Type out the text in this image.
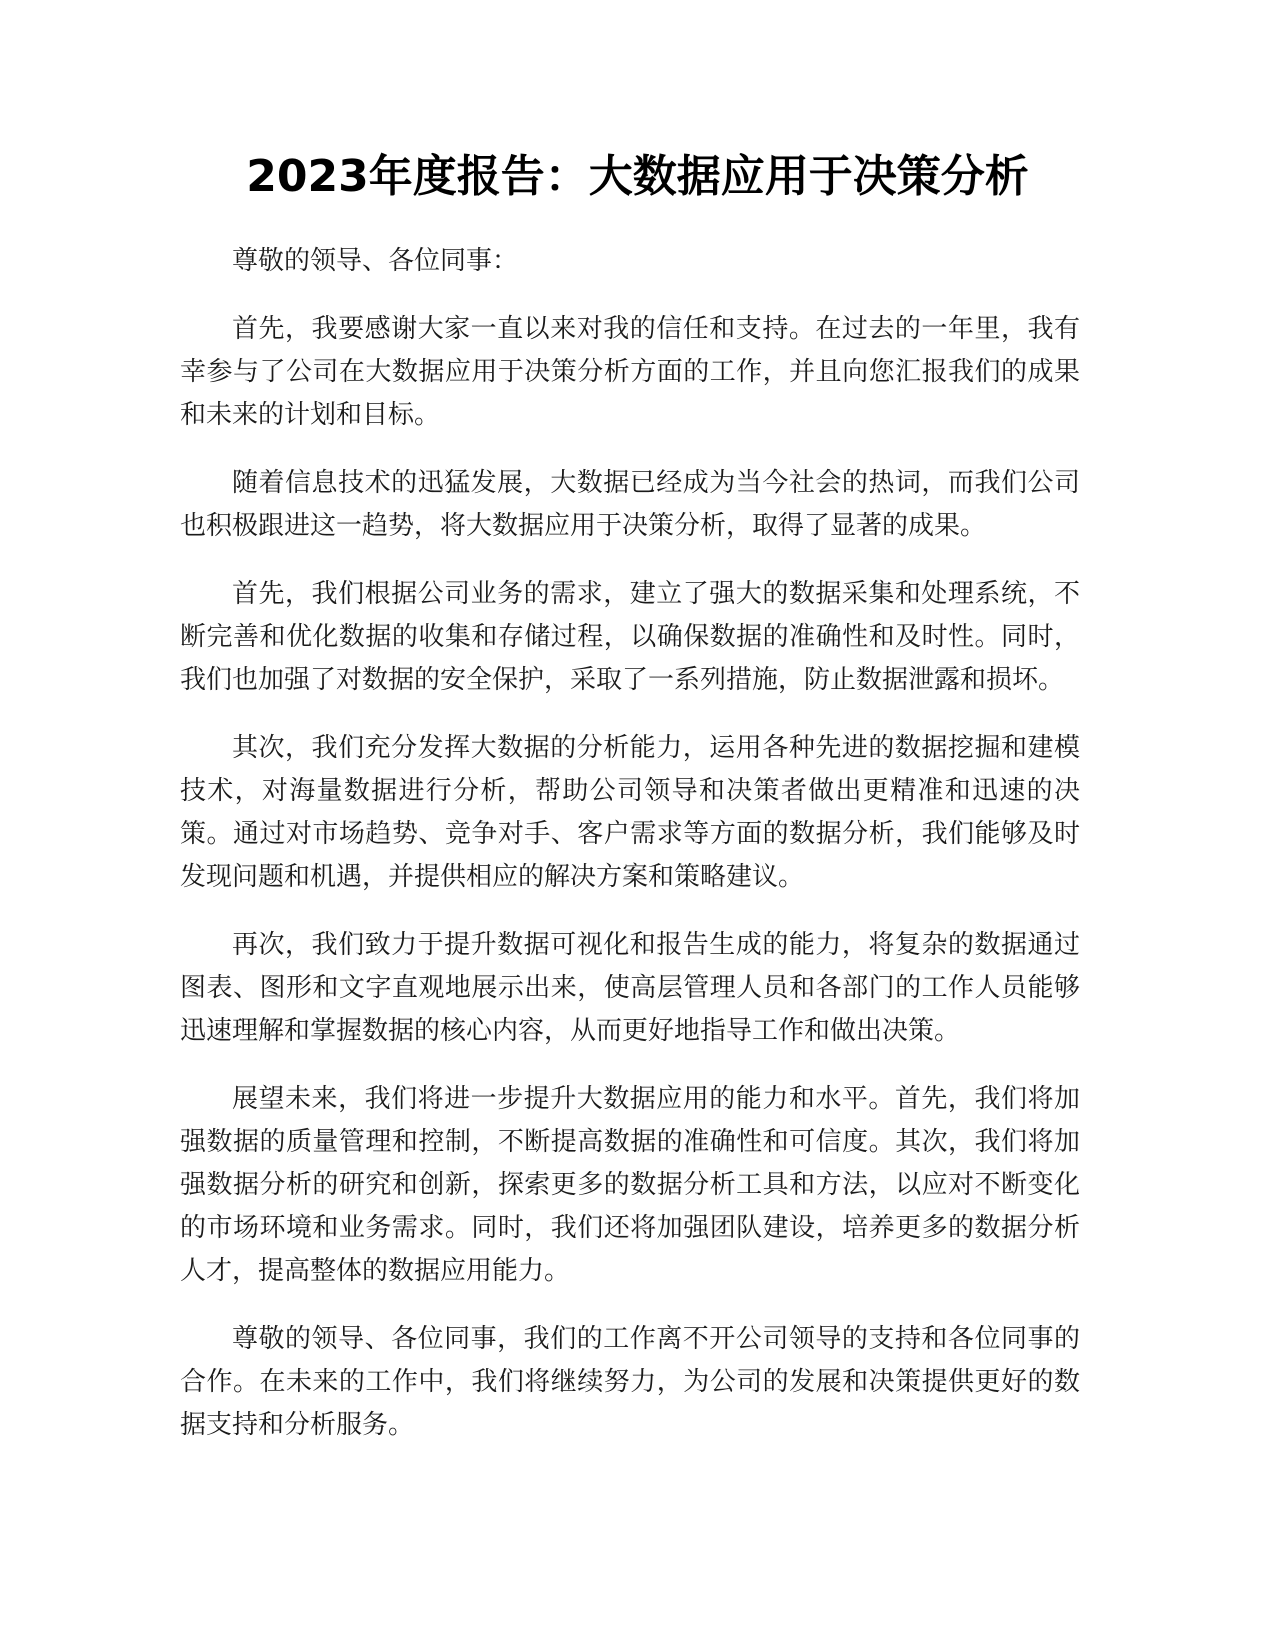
2023年度报告：大数据应用于决策分析

尊敬的领导、各位同事：

首先，我要感谢大家一直以来对我的信任和支持。在过去的一年里，我有幸参与了公司在大数据应用于决策分析方面的工作，并且向您汇报我们的成果和未来的计划和目标。

随着信息技术的迅猛发展，大数据已经成为当今社会的热词，而我们公司也积极跟进这一趋势，将大数据应用于决策分析，取得了显著的成果。

首先，我们根据公司业务的需求，建立了强大的数据采集和处理系统，不断完善和优化数据的收集和存储过程，以确保数据的准确性和及时性。同时，我们也加强了对数据的安全保护，采取了一系列措施，防止数据泄露和损坏。

其次，我们充分发挥大数据的分析能力，运用各种先进的数据挖掘和建模技术，对海量数据进行分析，帮助公司领导和决策者做出更精准和迅速的决策。通过对市场趋势、竞争对手、客户需求等方面的数据分析，我们能够及时发现问题和机遇，并提供相应的解决方案和策略建议。

再次，我们致力于提升数据可视化和报告生成的能力，将复杂的数据通过图表、图形和文字直观地展示出来，使高层管理人员和各部门的工作人员能够迅速理解和掌握数据的核心内容，从而更好地指导工作和做出决策。

展望未来，我们将进一步提升大数据应用的能力和水平。首先，我们将加强数据的质量管理和控制，不断提高数据的准确性和可信度。其次，我们将加强数据分析的研究和创新，探索更多的数据分析工具和方法，以应对不断变化的市场环境和业务需求。同时，我们还将加强团队建设，培养更多的数据分析人才，提高整体的数据应用能力。

尊敬的领导、各位同事，我们的工作离不开公司领导的支持和各位同事的合作。在未来的工作中，我们将继续努力，为公司的发展和决策提供更好的数据支持和分析服务。
